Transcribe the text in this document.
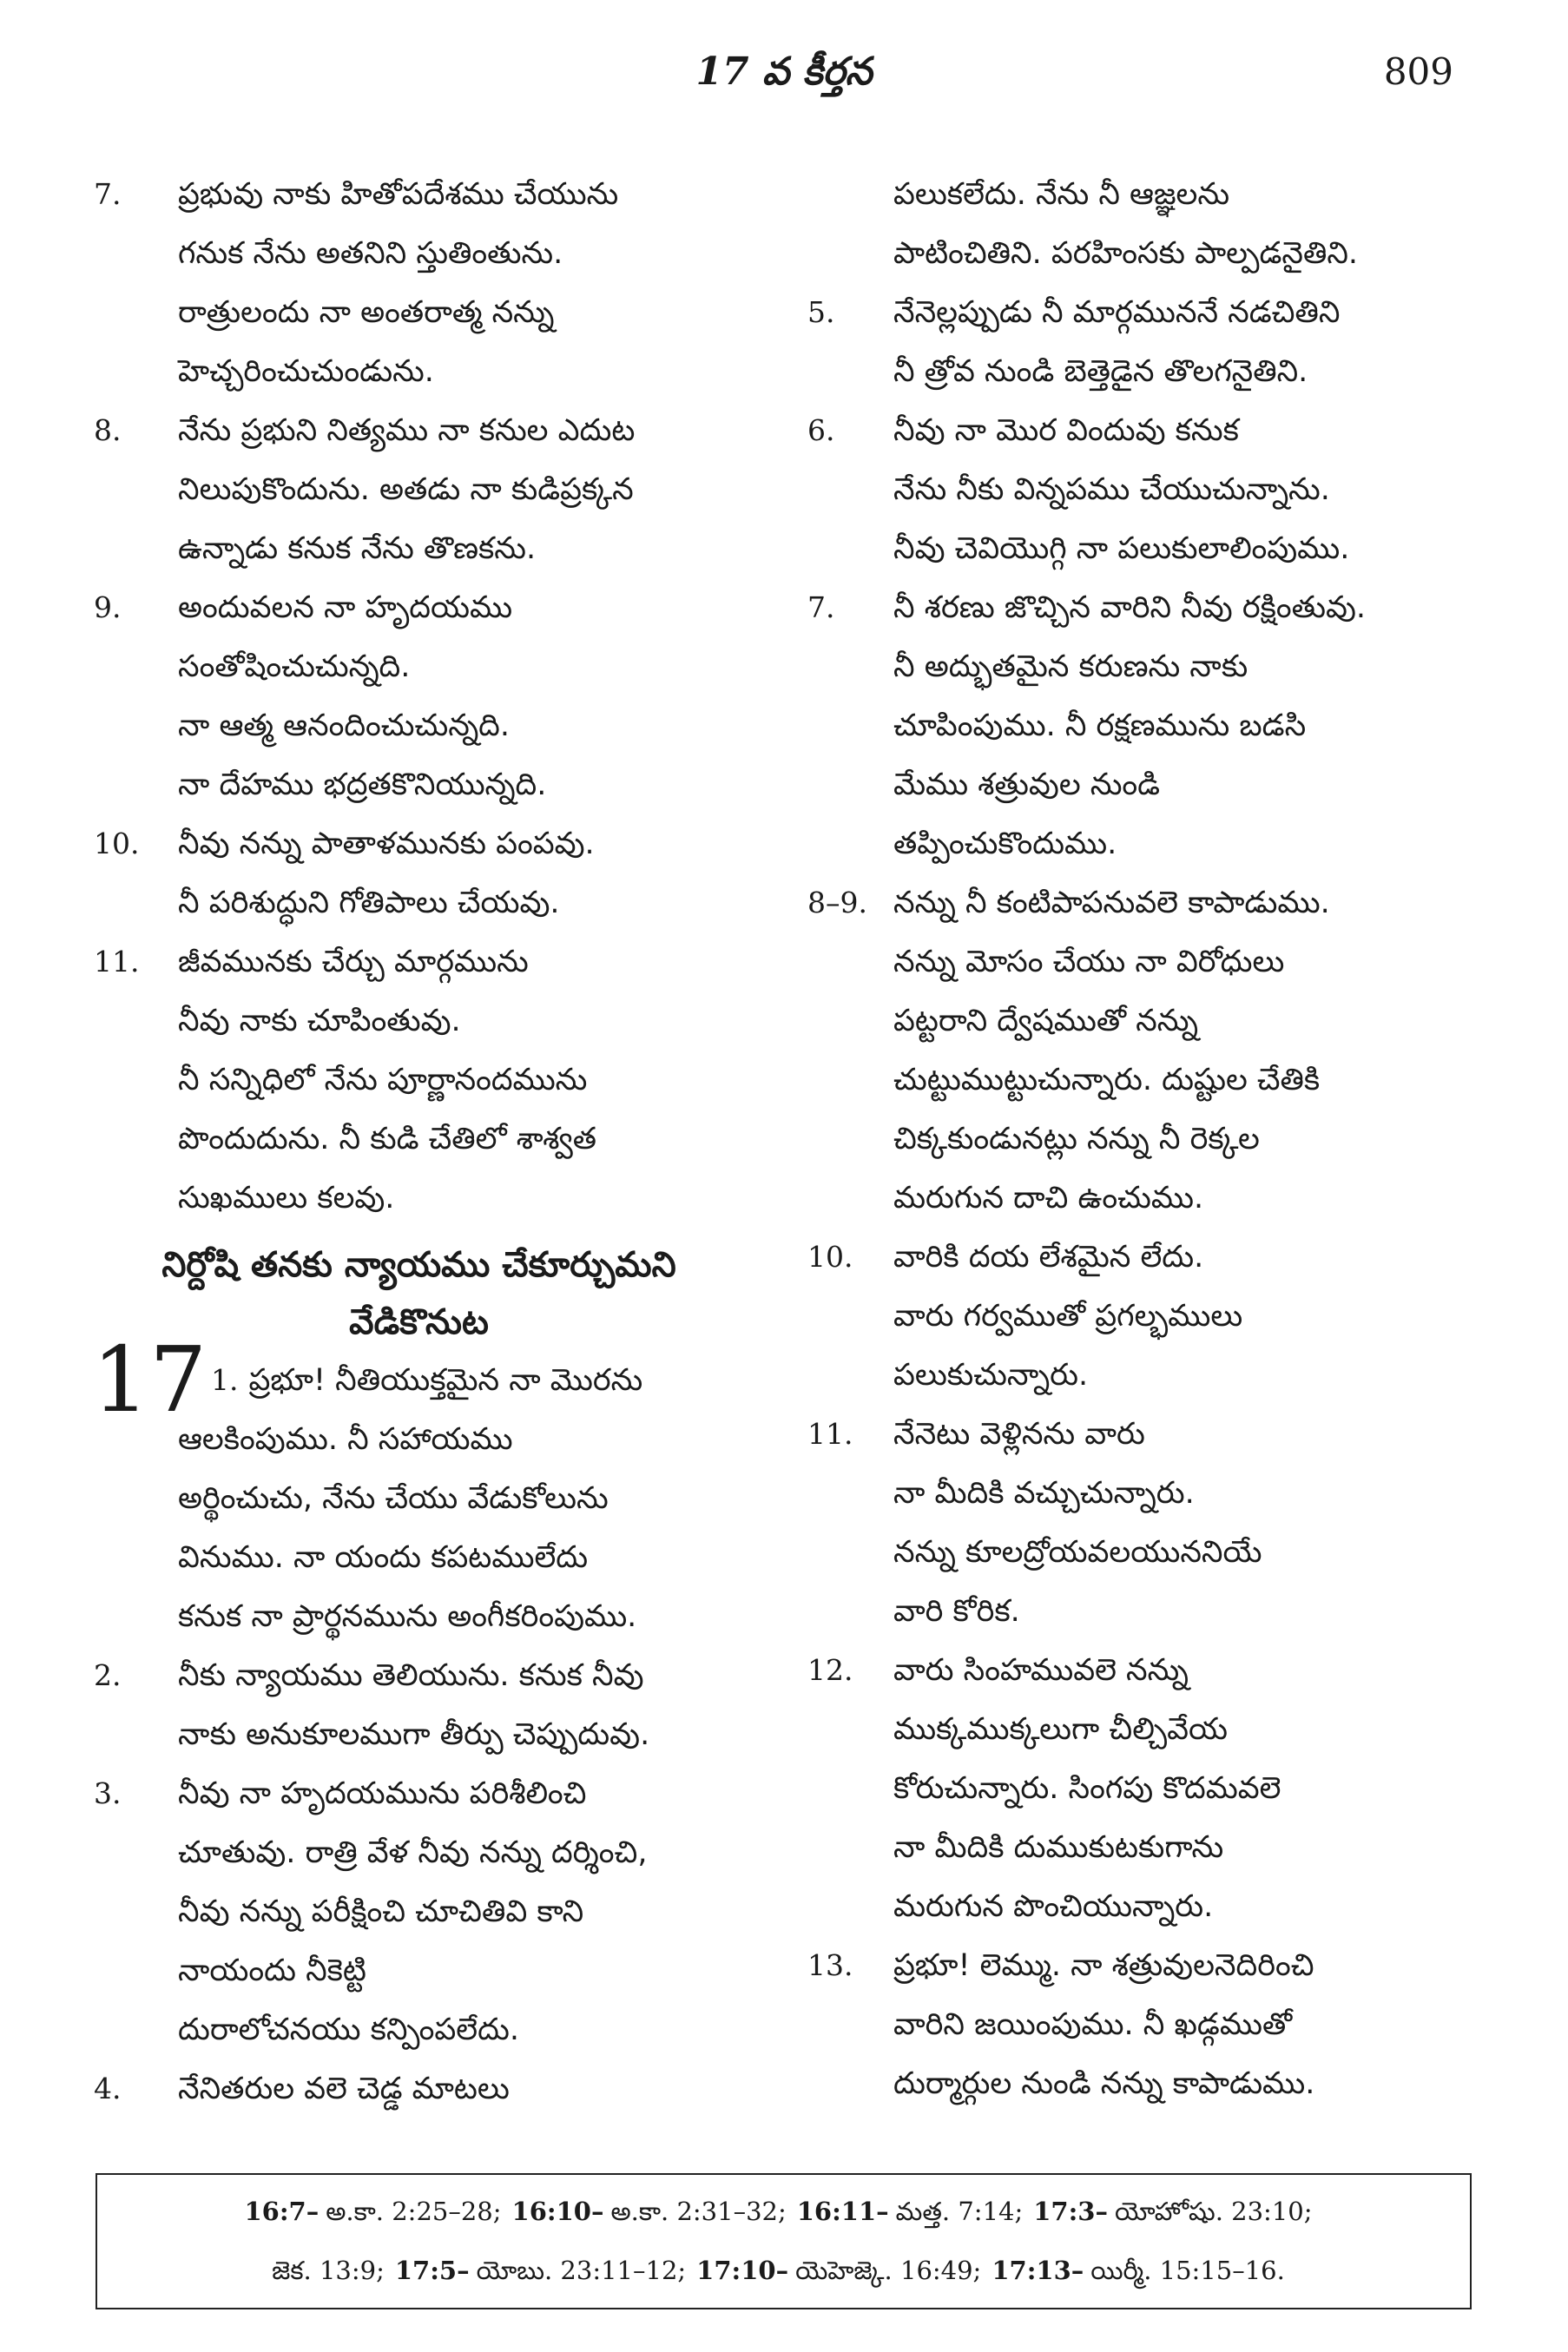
17 వ కీర్తన	809
7. ప్రభువు నాకు హితోపదేశము చేయును
గనుక నేను అతనిని స్తుతింతును.
రాత్రులందు నా అంతరాత్మ నన్ను
హెచ్చరించుచుండును.
8. నేను ప్రభుని నిత్యము నా కనుల ఎదుట
నిలుపుకొందును. అతడు నా కుడిప్రక్కన
ఉన్నాడు కనుక నేను తొణకను.
9. అందువలన నా హృదయము
సంతోషించుచున్నది.
నా ఆత్మ ఆనందించుచున్నది.
నా దేహము భద్రతకొనియున్నది.
10. నీవు నన్ను పాతాళమునకు పంపవు.
నీ పరిశుద్ధుని గోతిపాలు చేయవు.
11. జీవమునకు చేర్చు మార్గమును
నీవు నాకు చూపింతువు.
నీ సన్నిధిలో నేను పూర్ణానందమును
పొందుదును. నీ కుడి చేతిలో శాశ్వత
సుఖములు కలవు.
నిర్దోషి తనకు న్యాయము చేకూర్చుమని
వేడికొనుట
17 1. ప్రభూ! నీతియుక్తమైన నా మొరను
ఆలకింపుము. నీ సహాయము
అర్థించుచు, నేను చేయు వేడుకోలును
వినుము. నా యందు కపటములేదు
కనుక నా ప్రార్థనమును అంగీకరింపుము.
2. నీకు న్యాయము తెలియును. కనుక నీవు
నాకు అనుకూలముగా తీర్పు చెప్పుదువు.
3. నీవు నా హృదయమును పరిశీలించి
చూతువు. రాత్రి వేళ నీవు నన్ను దర్శించి,
నీవు నన్ను పరీక్షించి చూచితివి కాని
నాయందు నీకెట్టి
దురాలోచనయు కన్పింపలేదు.
4. నేనితరుల వలె చెడ్డ మాటలు
పలుకలేదు. నేను నీ ఆజ్ఞలను
పాటించితిని. పరహింసకు పాల్పడనైతిని.
5. నేనెల్లప్పుడు నీ మార్గముననే నడచితిని
నీ త్రోవ నుండి బెత్తెడైన తొలగనైతిని.
6. నీవు నా మొర విందువు కనుక
నేను నీకు విన్నపము చేయుచున్నాను.
నీవు చెవియొగ్గి నా పలుకులాలింపుము.
7. నీ శరణు జొచ్చిన వారిని నీవు రక్షింతువు.
నీ అద్భుతమైన కరుణను నాకు
చూపింపుము. నీ రక్షణమును బడసి
మేము శత్రువుల నుండి
తప్పించుకొందుము.
8–9. నన్ను నీ కంటిపాపనువలె కాపాడుము.
నన్ను మోసం చేయు నా విరోధులు
పట్టరాని ద్వేషముతో నన్ను
చుట్టుముట్టుచున్నారు. దుష్టుల చేతికి
చిక్కకుండునట్లు నన్ను నీ రెక్కల
మరుగున దాచి ఉంచుము.
10. వారికి దయ లేశమైన లేదు.
వారు గర్వముతో ప్రగల్భములు
పలుకుచున్నారు.
11. నేనెటు వెళ్లినను వారు
నా మీదికి వచ్చుచున్నారు.
నన్ను కూలద్రోయవలయుననియే
వారి కోరిక.
12. వారు సింహమువలె నన్ను
ముక్కముక్కలుగా చీల్చివేయ
కోరుచున్నారు. సింగపు కొదమవలె
నా మీదికి దుముకుటకుగాను
మరుగున పొంచియున్నారు.
13. ప్రభూ! లెమ్ము. నా శత్రువులనెదిరించి
వారిని జయింపుము. నీ ఖడ్గముతో
దుర్మార్గుల నుండి నన్ను కాపాడుము.
16:7– అ.కా. 2:25–28; 16:10– అ.కా. 2:31–32; 16:11– మత్త. 7:14; 17:3– యోహోషు. 23:10;
జెక. 13:9; 17:5– యోబు. 23:11–12; 17:10– యెహెజ్కె. 16:49; 17:13– యిర్మీ. 15:15–16.
